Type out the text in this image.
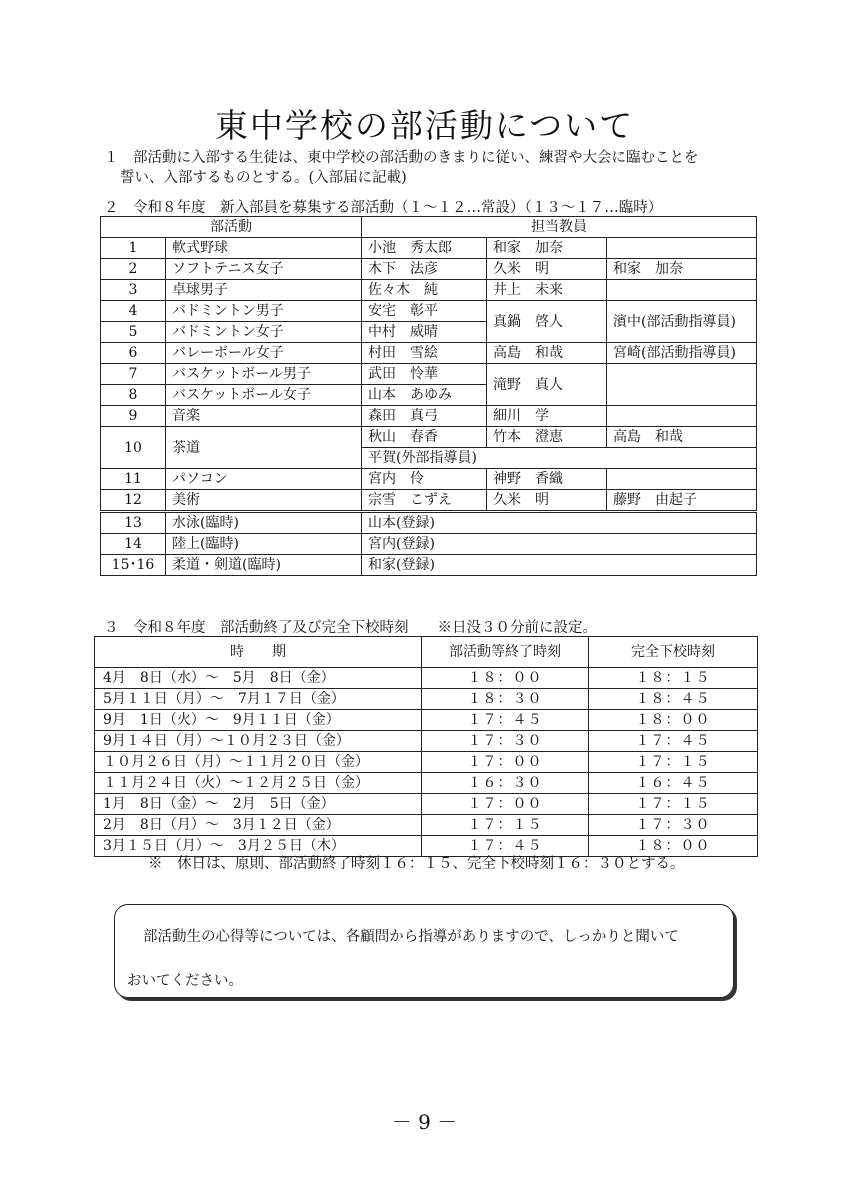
東中学校の部活動について
１　部活動に入部する生徒は、東中学校の部活動のきまりに従い、練習や大会に臨むことを
誓い、入部するものとする。(入部届に記載)
２　令和８年度　新入部員を募集する部活動（１～１２…常設）（１３～１７…臨時）
部活動		担当教員		
1	軟式野球	小池　秀太郎	和家　加奈	
2	ソフトテニス女子	木下　法彦	久米　明	和家　加奈
3	卓球男子	佐々木　純	井上　未来	
4	バドミントン男子	安宅　彰平	真鍋　啓人	濱中(部活動指導員)
5	バドミントン女子	中村　威晴		
6	バレーボール女子	村田　雪絵	高島　和哉	宮崎(部活動指導員)
7	バスケットボール男子	武田　怜華	滝野　真人	
8	バスケットボール女子	山本　あゆみ		
9	音楽	森田　真弓	細川　学	
10	茶道	秋山　春香	竹本　澄恵	高島　和哉
		平賀(外部指導員)		
11	パソコン	宮内　伶	神野　香織	
12	美術	宗雪　こずえ	久米　明	藤野　由起子
13	水泳(臨時)	山本(登録)		
14	陸上(臨時)	宮内(登録)		
15･16	柔道・剣道(臨時)	和家(登録)		
３　令和８年度　部活動終了及び完全下校時刻　　※日没３０分前に設定。
時　　期	部活動等終了時刻	完全下校時刻
4月　8日（水）～　5月　8日（金）	１８：００	１８：１５
5月１１日（月）～　7月１７日（金）	１８：３０	１８：４５
9月　1日（火）～　9月１１日（金）	１７：４５	１８：００
9月１４日（月）～１０月２３日（金）	１７：３０	１７：４５
１０月２６日（月）～１１月２０日（金）	１７：００	１７：１５
１１月２４日（火）～１２月２５日（金）	１６：３０	１６：４５
1月　8日（金）～　2月　5日（金）	１７：００	１７：１５
2月　8日（月）～　3月１２日（金）	１７：１５	１７：３０
3月１５日（月）～　3月２５日（木）	１７：４５	１８：００
※　休日は、原則、部活動終了時刻１６：１５、完全下校時刻１６：３０とする。
部活動生の心得等については、各顧問から指導がありますので、しっかりと聞いて
おいてください。
－ 9 －
